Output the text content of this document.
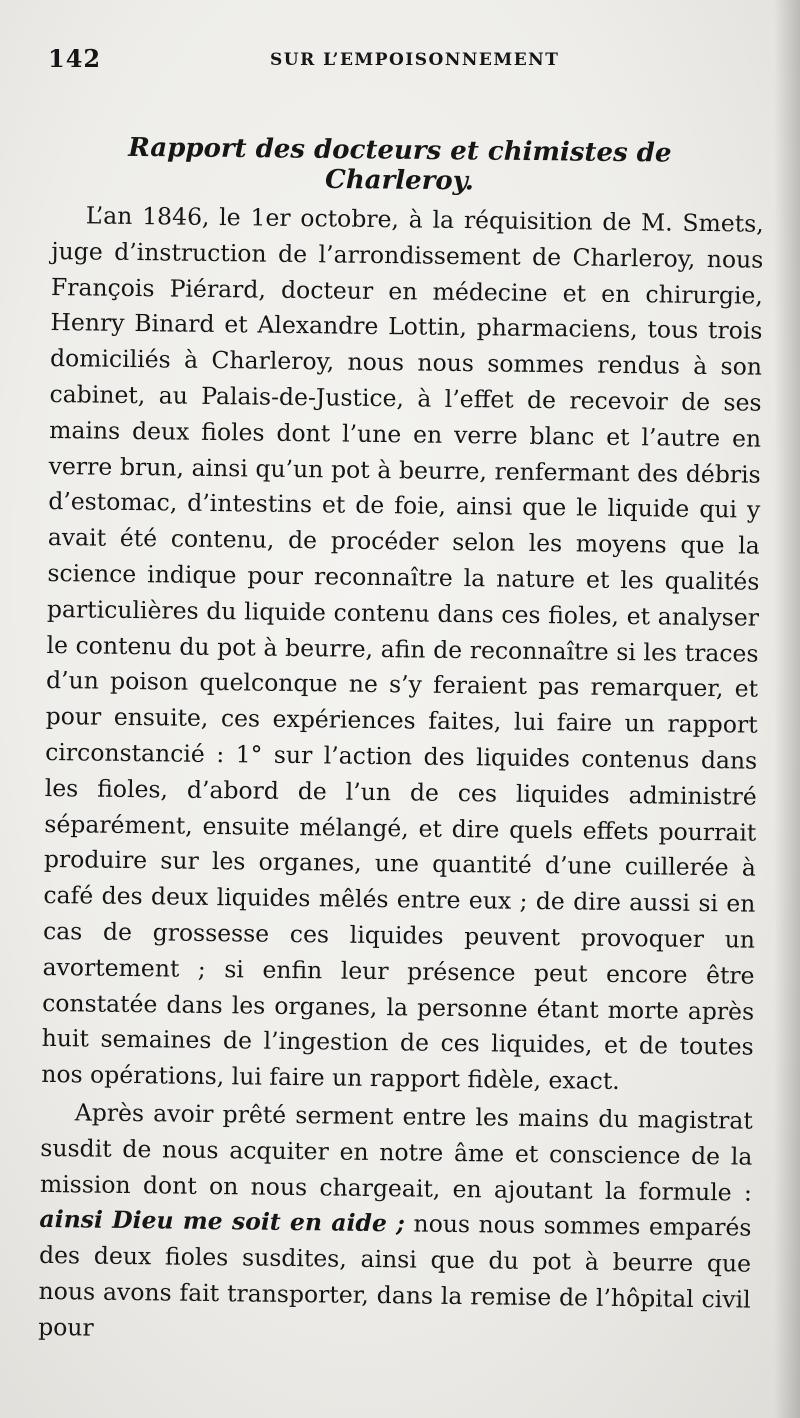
142	SUR L’EMPOISONNEMENT
Rapport des docteurs et chimistes de Charleroy.

L’an 1846, le 1er octobre, à la réquisition de M. Smets, juge d’instruction de l’arrondissement de Charleroy, nous François Piérard, docteur en médecine et en chirurgie, Henry Binard et Alexandre Lottin, pharmaciens, tous trois domiciliés à Charleroy, nous nous sommes rendus à son cabinet, au Palais-de-Justice, à l’effet de recevoir de ses mains deux fioles dont l’une en verre blanc et l’autre en verre brun, ainsi qu’un pot à beurre, renfermant des débris d’estomac, d’intestins et de foie, ainsi que le liquide qui y avait été contenu, de procéder selon les moyens que la science indique pour reconnaître la nature et les qualités particulières du liquide contenu dans ces fioles, et analyser le contenu du pot à beurre, afin de reconnaître si les traces d’un poison quelconque ne s’y feraient pas remarquer, et pour ensuite, ces expériences faites, lui faire un rapport circonstancié : 1° sur l’action des liquides contenus dans les fioles, d’abord de l’un de ces liquides administré séparément, ensuite mélangé, et dire quels effets pourrait produire sur les organes, une quantité d’une cuillerée à café des deux liquides mêlés entre eux ; de dire aussi si en cas de grossesse ces liquides peuvent provoquer un avortement ; si enfin leur présence peut encore être constatée dans les organes, la personne étant morte après huit semaines de l’ingestion de ces liquides, et de toutes nos opérations, lui faire un rapport fidèle, exact.

Après avoir prêté serment entre les mains du magistrat susdit de nous acquiter en notre âme et conscience de la mission dont on nous chargeait, en ajoutant la formule : ainsi Dieu me soit en aide ; nous nous sommes emparés des deux fioles susdites, ainsi que du pot à beurre que nous avons fait transporter, dans la remise de l’hôpital civil pour
